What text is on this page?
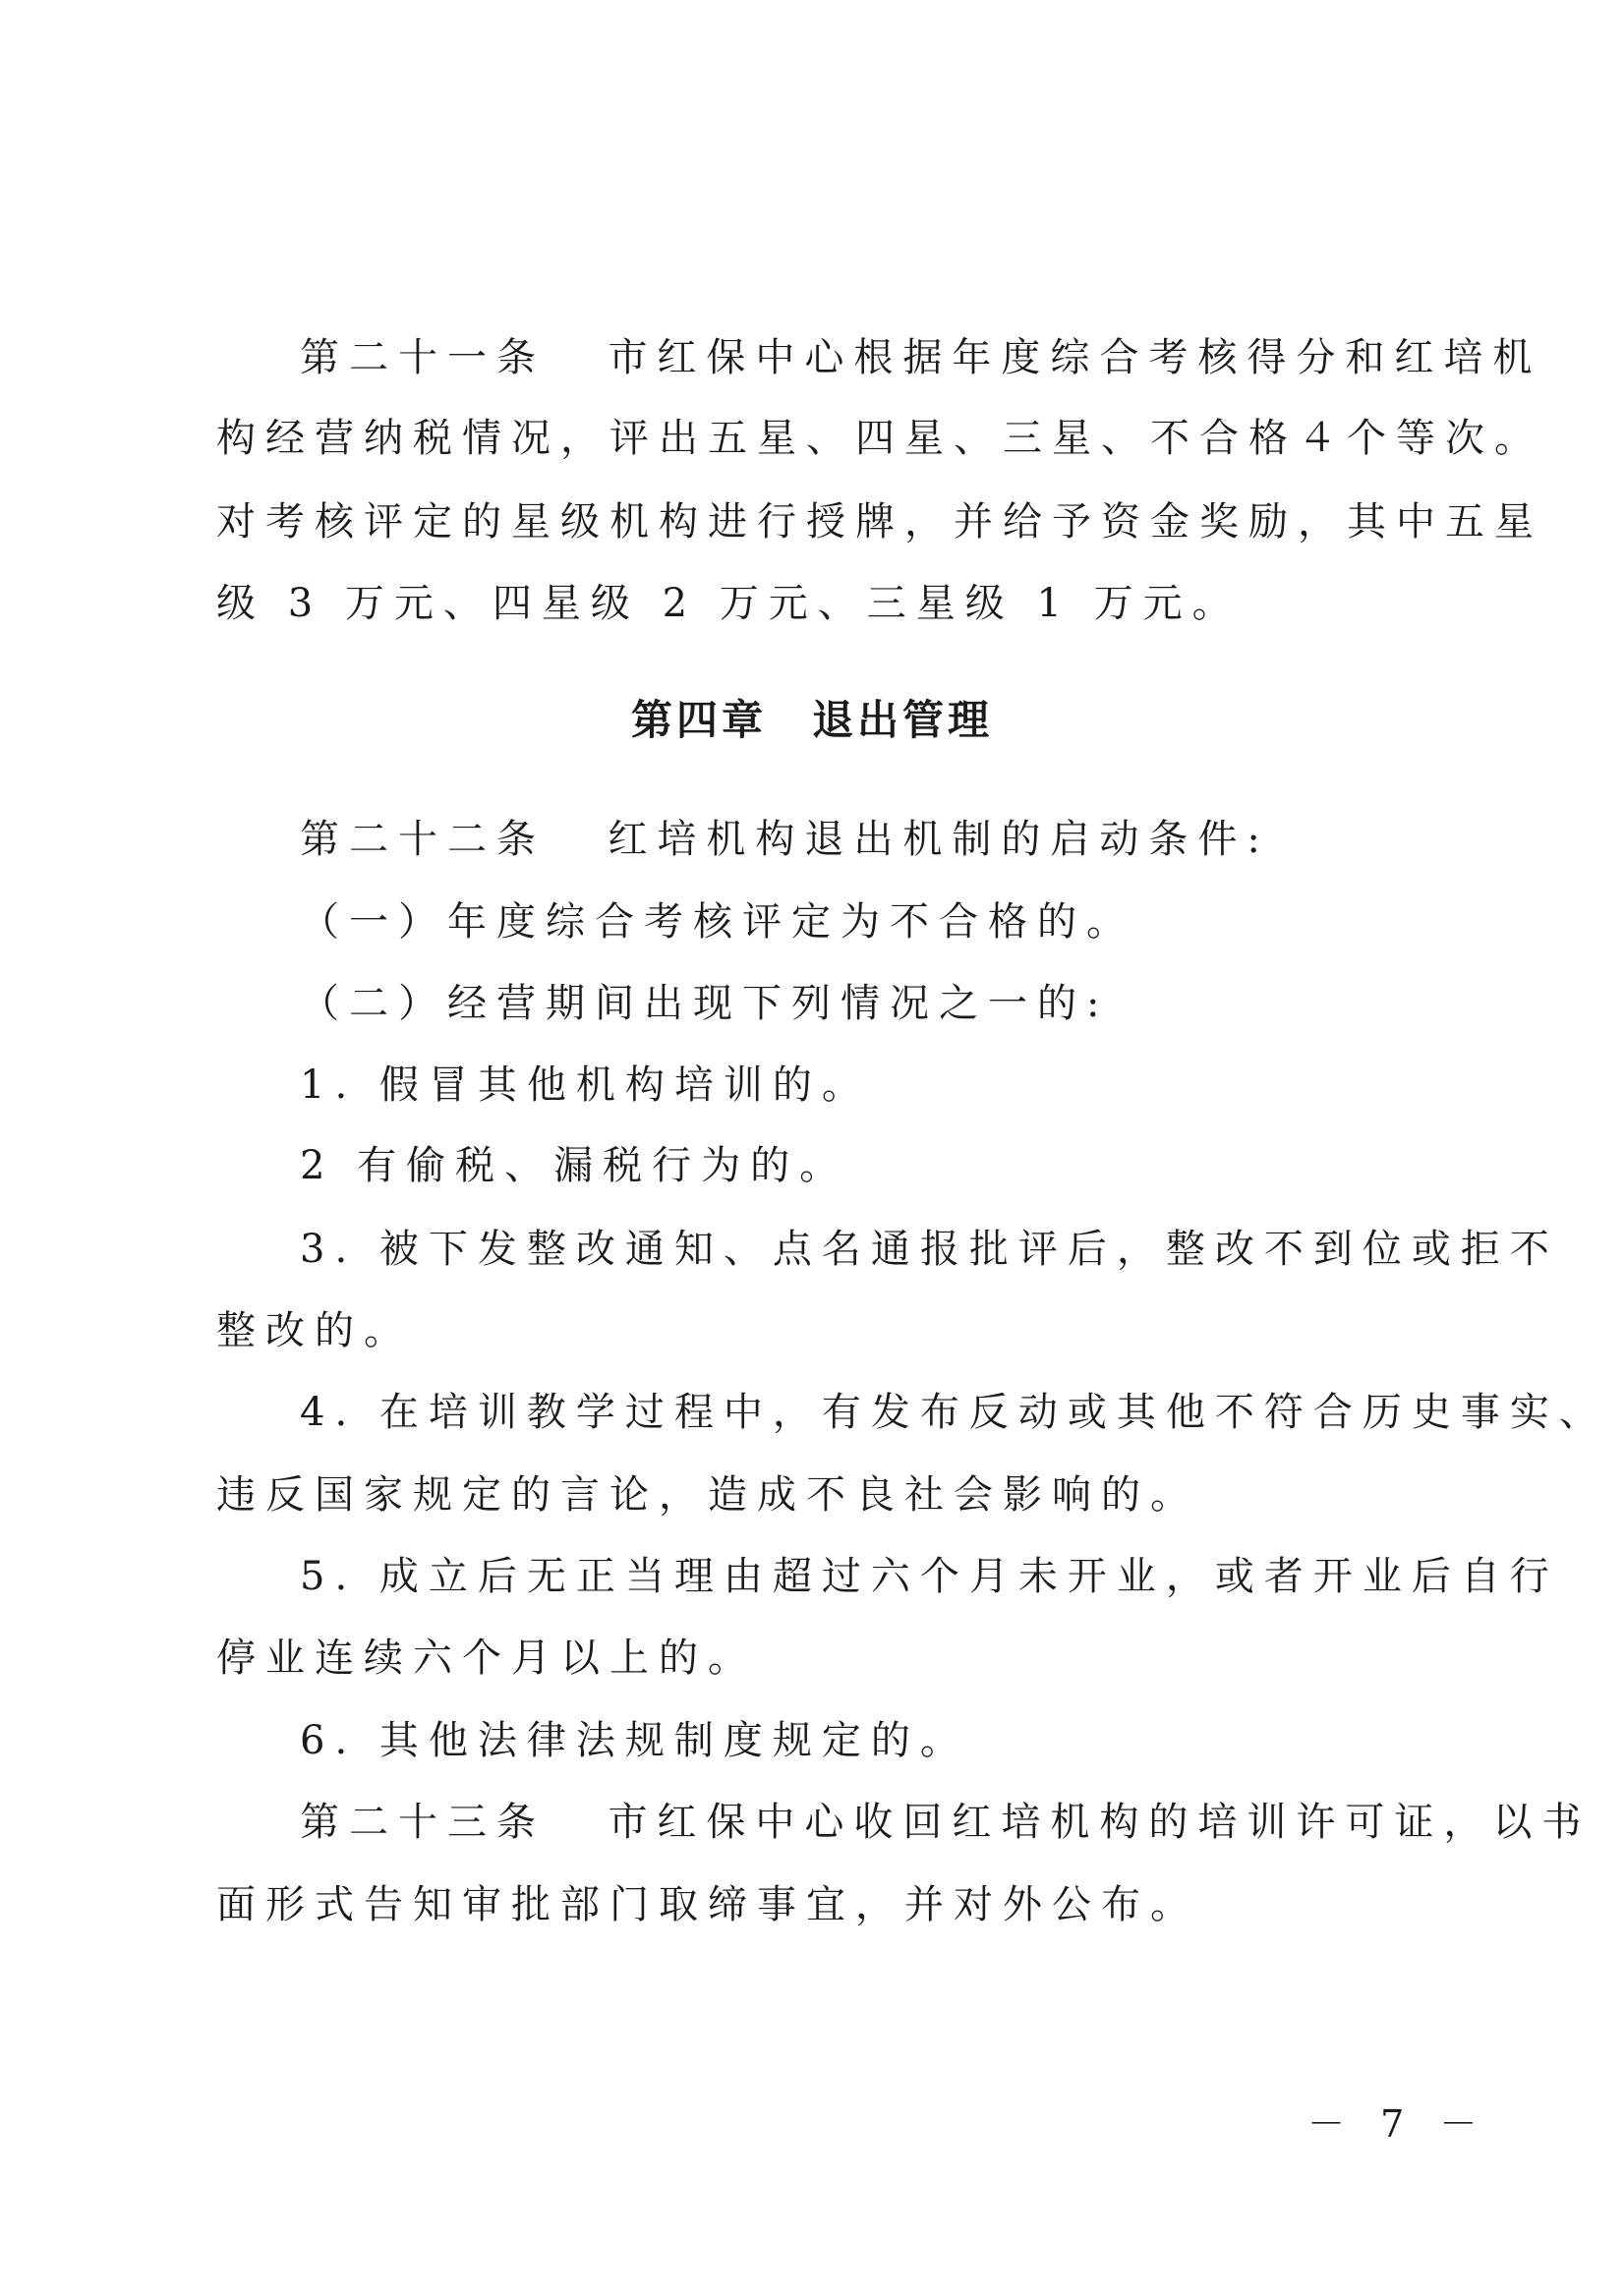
第二十一条 市红保中心根据年度综合考核得分和红培机
构经营纳税情况，评出五星、四星、三星、不合格４个等次。
对考核评定的星级机构进行授牌，并给予资金奖励，其中五星
级 3 万元、四星级 2 万元、三星级 1 万元。
第四章　退出管理
第二十二条 红培机构退出机制的启动条件:
（一）年度综合考核评定为不合格的。
（二）经营期间出现下列情况之一的:
1. 假冒其他机构培训的。
2 有偷税、漏税行为的。
3. 被下发整改通知、点名通报批评后，整改不到位或拒不
整改的。
4. 在培训教学过程中，有发布反动或其他不符合历史事实、
违反国家规定的言论，造成不良社会影响的。
5. 成立后无正当理由超过六个月未开业，或者开业后自行
停业连续六个月以上的。
6. 其他法律法规制度规定的。
第二十三条 市红保中心收回红培机构的培训许可证，以书
面形式告知审批部门取缔事宜，并对外公布。
－ 7 －
